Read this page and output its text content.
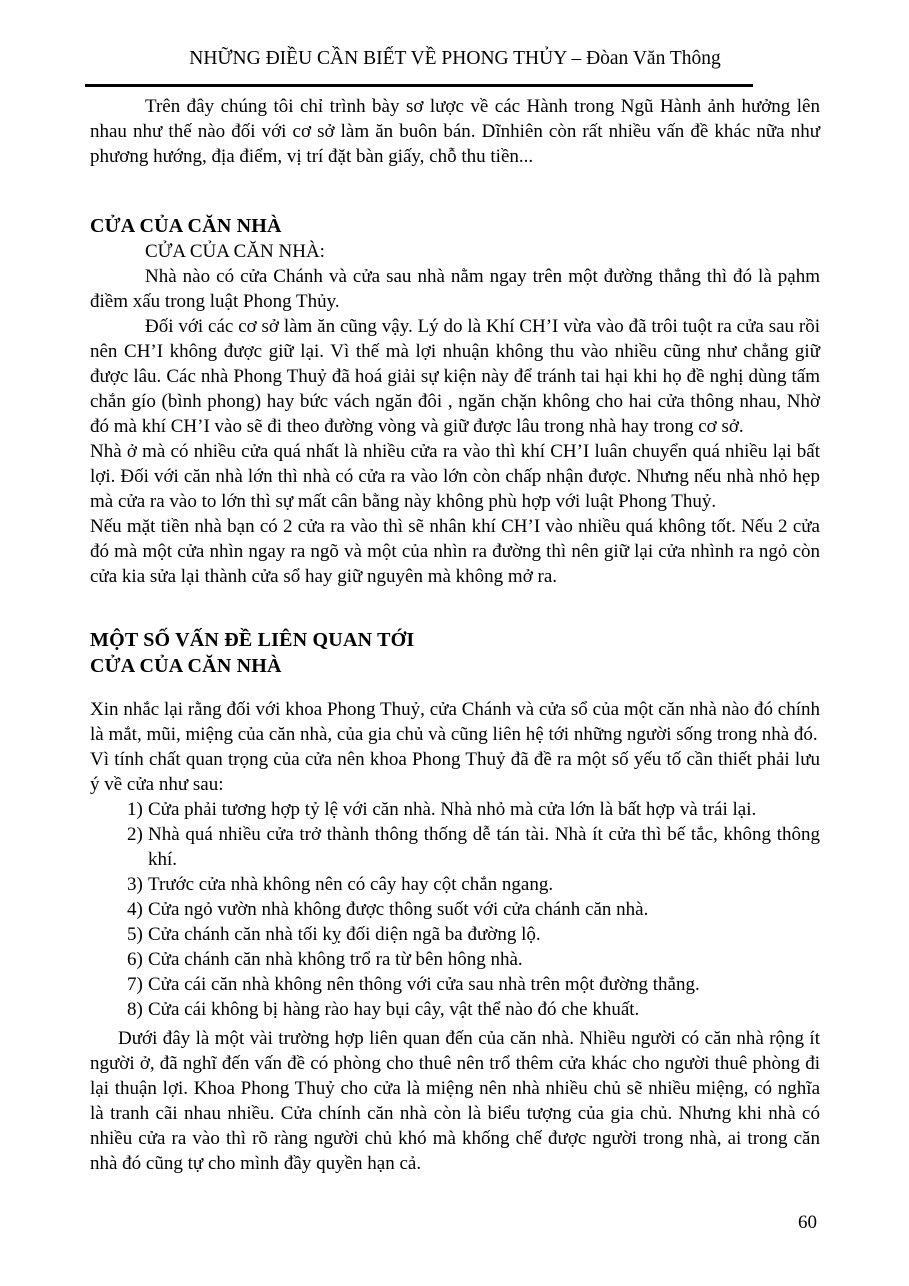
NHỮNG ĐIỀU CẦN BIẾT VỀ PHONG THỦY – Đòan Văn Thông

Trên đây chúng tôi chỉ trình bày sơ lược về các Hành trong Ngũ Hành ảnh hưởng lên nhau như thế nào đối với cơ sở làm ăn buôn bán. Dĩnhiên còn rất nhiều vấn đề khác nữa như phương hướng, địa điểm, vị trí đặt bàn giấy, chỗ thu tiền...

CỬA CỦA CĂN NHÀ

CỬA CỦA CĂN NHÀ:

Nhà nào có cửa Chánh và cửa sau nhà nằm ngay trên một đường thẳng thì đó là pạhm điềm xấu trong luật Phong Thủy.

Đối với các cơ sở làm ăn cũng vậy. Lý do là Khí CH’I vừa vào đã trôi tuột ra cửa sau rồi nên CH’I không được giữ lại. Vì thế mà lợi nhuận không thu vào nhiều cũng như chẳng giữ được lâu. Các nhà Phong Thuỷ đã hoá giải sự kiện này để tránh tai hại khi họ đề nghị dùng tấm chắn gío (bình phong) hay bức vách ngăn đôi , ngăn chặn không cho hai cửa thông nhau, Nhờ đó mà khí CH’I vào sẽ đi theo đường vòng và giữ được lâu trong nhà hay trong cơ sở.

Nhà ở mà có nhiều cửa quá nhất là nhiều cửa ra vào thì khí CH’I luân chuyển quá nhiều lại bất lợi. Đối với căn nhà lớn thì nhà có cửa ra vào lớn còn chấp nhận được. Nhưng nếu nhà nhỏ hẹp mà cửa ra vào to lớn thì sự mất cân bằng này không phù hợp với luật Phong Thuỷ.

Nếu mặt tiền nhà bạn có 2 cửa ra vào thì sẽ nhân khí CH’I vào nhiều quá không tốt. Nếu 2 cửa đó mà một cửa nhìn ngay ra ngõ và một của nhìn ra đường thì nên giữ lại cửa nhình ra ngỏ còn cửa kia sửa lại thành cửa sổ hay giữ nguyên mà không mở ra.

MỘT SỐ VẤN ĐỀ LIÊN QUAN TỚI
CỬA CỦA CĂN NHÀ

Xin nhắc lại rằng đối với khoa Phong Thuỷ, cửa Chánh và cửa sổ của một căn nhà nào đó chính là mắt, mũi, miệng của căn nhà, của gia chủ và cũng liên hệ tới những người sống trong nhà đó.

Vì tính chất quan trọng của cửa nên khoa Phong Thuỷ đã đề ra một số yếu tố cần thiết phải lưu ý về cửa như sau:

1) Cửa phải tương hợp tỷ lệ với căn nhà. Nhà nhỏ mà cửa lớn là bất hợp và trái lại.
2) Nhà quá nhiều cửa trở thành thông thống dễ tán tài. Nhà ít cửa thì bế tắc, không thông khí.
3) Trước cửa nhà không nên có cây hay cột chắn ngang.
4) Cửa ngỏ vườn nhà không được thông suốt với cửa chánh căn nhà.
5) Cửa chánh căn nhà tối kỵ đối diện ngã ba đường lộ.
6) Cửa chánh căn nhà không trổ ra từ bên hông nhà.
7) Cửa cái căn nhà không nên thông với cửa sau nhà trên một đường thẳng.
8) Cửa cái không bị hàng rào hay bụi cây, vật thể nào đó che khuất.

Dưới đây là một vài trường hợp liên quan đến của căn nhà. Nhiều người có căn nhà rộng ít người ở, đã nghĩ đến vấn đề có phòng cho thuê nên trổ thêm cửa khác cho người thuê phòng đi lại thuận lợi. Khoa Phong Thuỷ cho cửa là miệng nên nhà nhiều chủ sẽ nhiều miệng, có nghĩa là tranh cãi nhau nhiều. Cửa chính căn nhà còn là biểu tượng của gia chủ. Nhưng khi nhà có nhiều cửa ra vào thì rõ ràng người chủ khó mà khống chế được người trong nhà, ai trong căn nhà đó cũng tự cho mình đầy quyền hạn cả.

60
